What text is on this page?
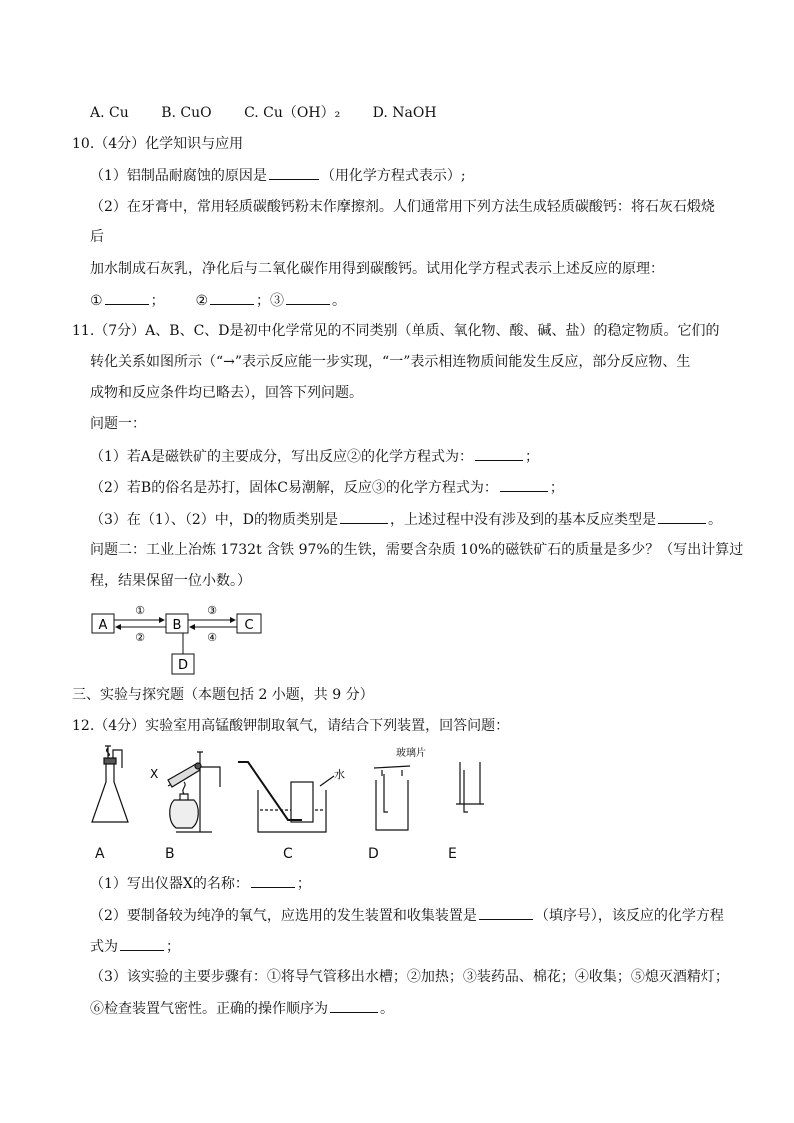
A. Cu B. CuO C. Cu（OH）₂ D. NaOH
10.（4分）化学知识与应用
（1）铝制品耐腐蚀的原因是	（用化学方程式表示）;
（2）在牙膏中，常用轻质碳酸钙粉末作摩擦剂。人们通常用下列方法生成轻质碳酸钙：将石灰石煅烧
后
加水制成石灰乳，净化后与二氧化碳作用得到碳酸钙。试用化学方程式表示上述反应的原理：
①	； ②	；③	。
11.（7分）A、B、C、D是初中化学常见的不同类别（单质、氧化物、酸、碱、盐）的稳定物质。它们的
转化关系如图所示（“→”表示反应能一步实现，“一”表示相连物质间能发生反应，部分反应物、生
成物和反应条件均已略去），回答下列问题。
问题一：
（1）若A是磁铁矿的主要成分，写出反应②的化学方程式为：	；
（2）若B的俗名是苏打，固体C易潮解，反应③的化学方程式为：	；
（3）在（1）、（2）中，D的物质类别是	，上述过程中没有涉及到的基本反应类型是	。
问题二：工业上冶炼 1732t 含铁 97%的生铁，需要含杂质 10%的磁铁矿石的质量是多少？（写出计算过
程，结果保留一位小数。）
A	B	C
D
①
②
③
④
三、实验与探究题（本题包括 2 小题，共 9 分）
12.（4分）实验室用高锰酸钾制取氧气，请结合下列装置，回答问题：
X	水
玻璃片
A	B	C	D	E
（1）写出仪器X的名称：	；
（2）要制备较为纯净的氧气，应选用的发生装置和收集装置是	（填序号），该反应的化学方程
式为	；
（3）该实验的主要步骤有：①将导气管移出水槽；②加热；③装药品、棉花；④收集；⑤熄灭酒精灯；
⑥检查装置气密性。正确的操作顺序为	。
